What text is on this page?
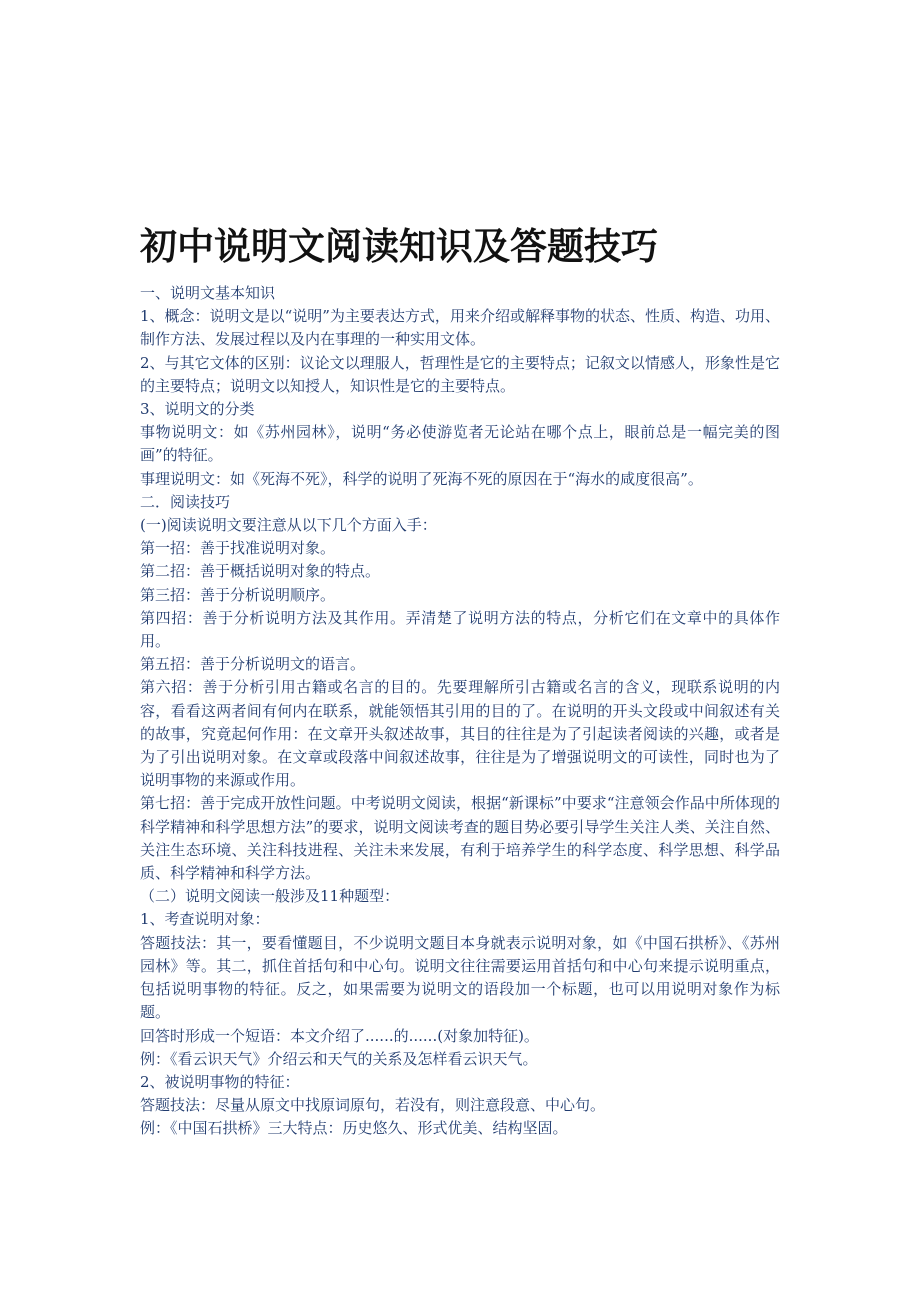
初中说明文阅读知识及答题技巧

一、说明文基本知识

1、概念：说明文是以“说明”为主要表达方式，用来介绍或解释事物的状态、性质、构造、功用、制作方法、发展过程以及内在事理的一种实用文体。

2、与其它文体的区别：议论文以理服人，哲理性是它的主要特点；记叙文以情感人，形象性是它的主要特点；说明文以知授人，知识性是它的主要特点。

3、说明文的分类

事物说明文：如《苏州园林》，说明“务必使游览者无论站在哪个点上，眼前总是一幅完美的图画”的特征。

事理说明文：如《死海不死》，科学的说明了死海不死的原因在于“海水的咸度很高”。

二．阅读技巧

(一)阅读说明文要注意从以下几个方面入手：

第一招：善于找准说明对象。

第二招：善于概括说明对象的特点。

第三招：善于分析说明顺序。

第四招：善于分析说明方法及其作用。弄清楚了说明方法的特点，分析它们在文章中的具体作用。

第五招：善于分析说明文的语言。

第六招：善于分析引用古籍或名言的目的。先要理解所引古籍或名言的含义，现联系说明的内容，看看这两者间有何内在联系，就能领悟其引用的目的了。在说明的开头文段或中间叙述有关的故事，究竟起何作用：在文章开头叙述故事，其目的往往是为了引起读者阅读的兴趣，或者是为了引出说明对象。在文章或段落中间叙述故事，往往是为了增强说明文的可读性，同时也为了说明事物的来源或作用。

第七招：善于完成开放性问题。中考说明文阅读，根据“新课标”中要求“注意领会作品中所体现的科学精神和科学思想方法”的要求，说明文阅读考查的题目势必要引导学生关注人类、关注自然、关注生态环境、关注科技进程、关注未来发展，有利于培养学生的科学态度、科学思想、科学品质、科学精神和科学方法。

（二）说明文阅读一般涉及11种题型：

1、考查说明对象：

答题技法：其一，要看懂题目，不少说明文题目本身就表示说明对象，如《中国石拱桥》、《苏州园林》等。其二，抓住首括句和中心句。说明文往往需要运用首括句和中心句来提示说明重点，包括说明事物的特征。反之，如果需要为说明文的语段加一个标题，也可以用说明对象作为标题。

回答时形成一个短语：本文介绍了......的......(对象加特征)。

例：《看云识天气》介绍云和天气的关系及怎样看云识天气。

2、被说明事物的特征：

答题技法：尽量从原文中找原词原句，若没有，则注意段意、中心句。

例：《中国石拱桥》三大特点：历史悠久、形式优美、结构坚固。
